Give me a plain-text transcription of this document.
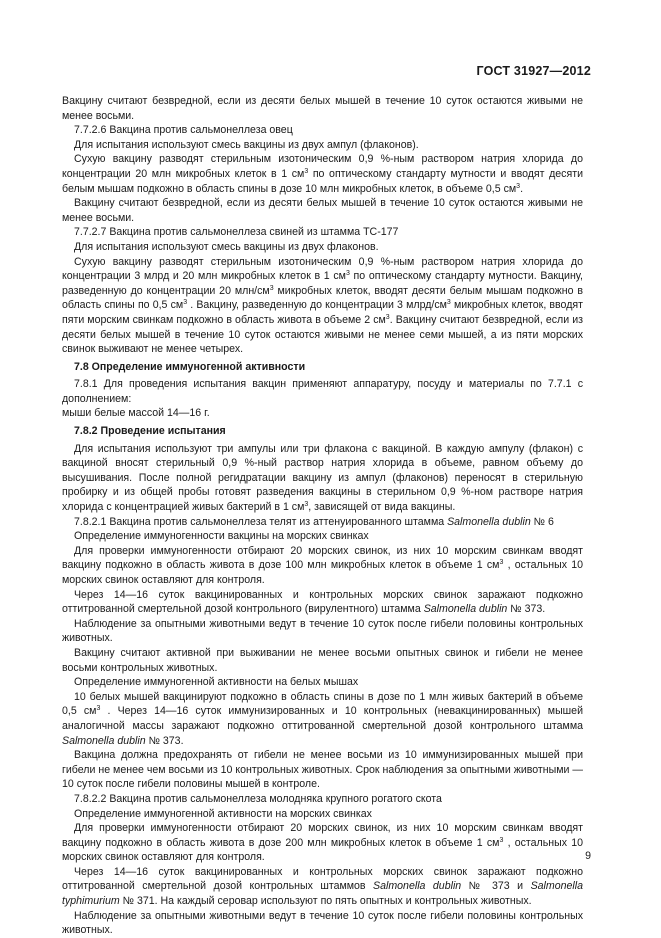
ГОСТ 31927—2012

Вакцину считают безвредной, если из десяти белых мышей в течение 10 суток остаются живыми не менее восьми.

7.7.2.6 Вакцина против сальмонеллеза овец

Для испытания используют смесь вакцины из двух ампул (флаконов).

Сухую вакцину разводят стерильным изотоническим 0,9 %-ным раствором натрия хлорида до концентрации 20 млн микробных клеток в 1 $см^3$ по оптическому стандарту мутности и вводят десяти белым мышам подкожно в область спины в дозе 10 млн микробных клеток, в объеме 0,5 $см^3$.

Вакцину считают безвредной, если из десяти белых мышей в течение 10 суток остаются живыми не менее восьми.

7.7.2.7 Вакцина против сальмонеллеза свиней из штамма ТС-177

Для испытания используют смесь вакцины из двух флаконов.

Сухую вакцину разводят стерильным изотоническим 0,9 %-ным раствором натрия хлорида до концентрации 3 млрд и 20 млн микробных клеток в 1 $см^3$ по оптическому стандарту мутности. Вакцину, разведенную до концентрации 20 млн/$см^3$ микробных клеток, вводят десяти белым мышам подкожно в область спины по 0,5 $см^3$ . Вакцину, разведенную до концентрации 3 млрд/$см^3$ микробных клеток, вводят пяти морским свинкам подкожно в область живота в объеме 2 $см^3$. Вакцину считают безвредной, если из десяти белых мышей в течение 10 суток остаются живыми не менее семи мышей, а из пяти морских свинок выживают не менее четырех.

7.8 Определение иммуногенной активности

7.8.1 Для проведения испытания вакцин применяют аппаратуру, посуду и материалы по 7.7.1 с дополнением:

мыши белые массой 14—16 г.

7.8.2 Проведение испытания

Для испытания используют три ампулы или три флакона с вакциной. В каждую ампулу (флакон) с вакциной вносят стерильный 0,9 %-ный раствор натрия хлорида в объеме, равном объему до высушивания. После полной регидратации вакцину из ампул (флаконов) переносят в стерильную пробирку и из общей пробы готовят разведения вакцины в стерильном 0,9 %-ном растворе натрия хлорида с концентрацией живых бактерий в 1 $см^3$, зависящей от вида вакцины.

7.8.2.1 Вакцина против сальмонеллеза телят из аттенуированного штамма Salmonella dublin № 6

Определение иммуногенности вакцины на морских свинках

Для проверки иммуногенности отбирают 20 морских свинок, из них 10 морским свинкам вводят вакцину подкожно в область живота в дозе 100 млн микробных клеток в объеме 1 $см^3$ , остальных 10 морских свинок оставляют для контроля.

Через 14—16 суток вакцинированных и контрольных морских свинок заражают подкожно оттитрованной смертельной дозой контрольного (вирулентного) штамма Salmonella dublin № 373.

Наблюдение за опытными животными ведут в течение 10 суток после гибели половины контрольных животных.

Вакцину считают активной при выживании не менее восьми опытных свинок и гибели не менее восьми контрольных животных.

Определение иммуногенной активности на белых мышах

10 белых мышей вакцинируют подкожно в область спины в дозе по 1 млн живых бактерий в объеме 0,5 $см^3$ . Через 14—16 суток иммунизированных и 10 контрольных (невакцинированных) мышей аналогичной массы заражают подкожно оттитрованной смертельной дозой контрольного штамма Salmonella dublin № 373.

Вакцина должна предохранять от гибели не менее восьми из 10 иммунизированных мышей при гибели не менее чем восьми из 10 контрольных животных. Срок наблюдения за опытными животными — 10 суток после гибели половины мышей в контроле.

7.8.2.2 Вакцина против сальмонеллеза молодняка крупного рогатого скота

Определение иммуногенной активности на морских свинках

Для проверки иммуногенности отбирают 20 морских свинок, из них 10 морским свинкам вводят вакцину подкожно в область живота в дозе 200 млн микробных клеток в объеме 1 $см^3$ , остальных 10 морских свинок оставляют для контроля.

Через 14—16 суток вакцинированных и контрольных морских свинок заражают подкожно оттитрованной смертельной дозой контрольных штаммов Salmonella dublin № 373 и Salmonella typhimurium № 371. На каждый серовар используют по пять опытных и контрольных животных.

Наблюдение за опытными животными ведут в течение 10 суток после гибели половины контрольных животных.

9
